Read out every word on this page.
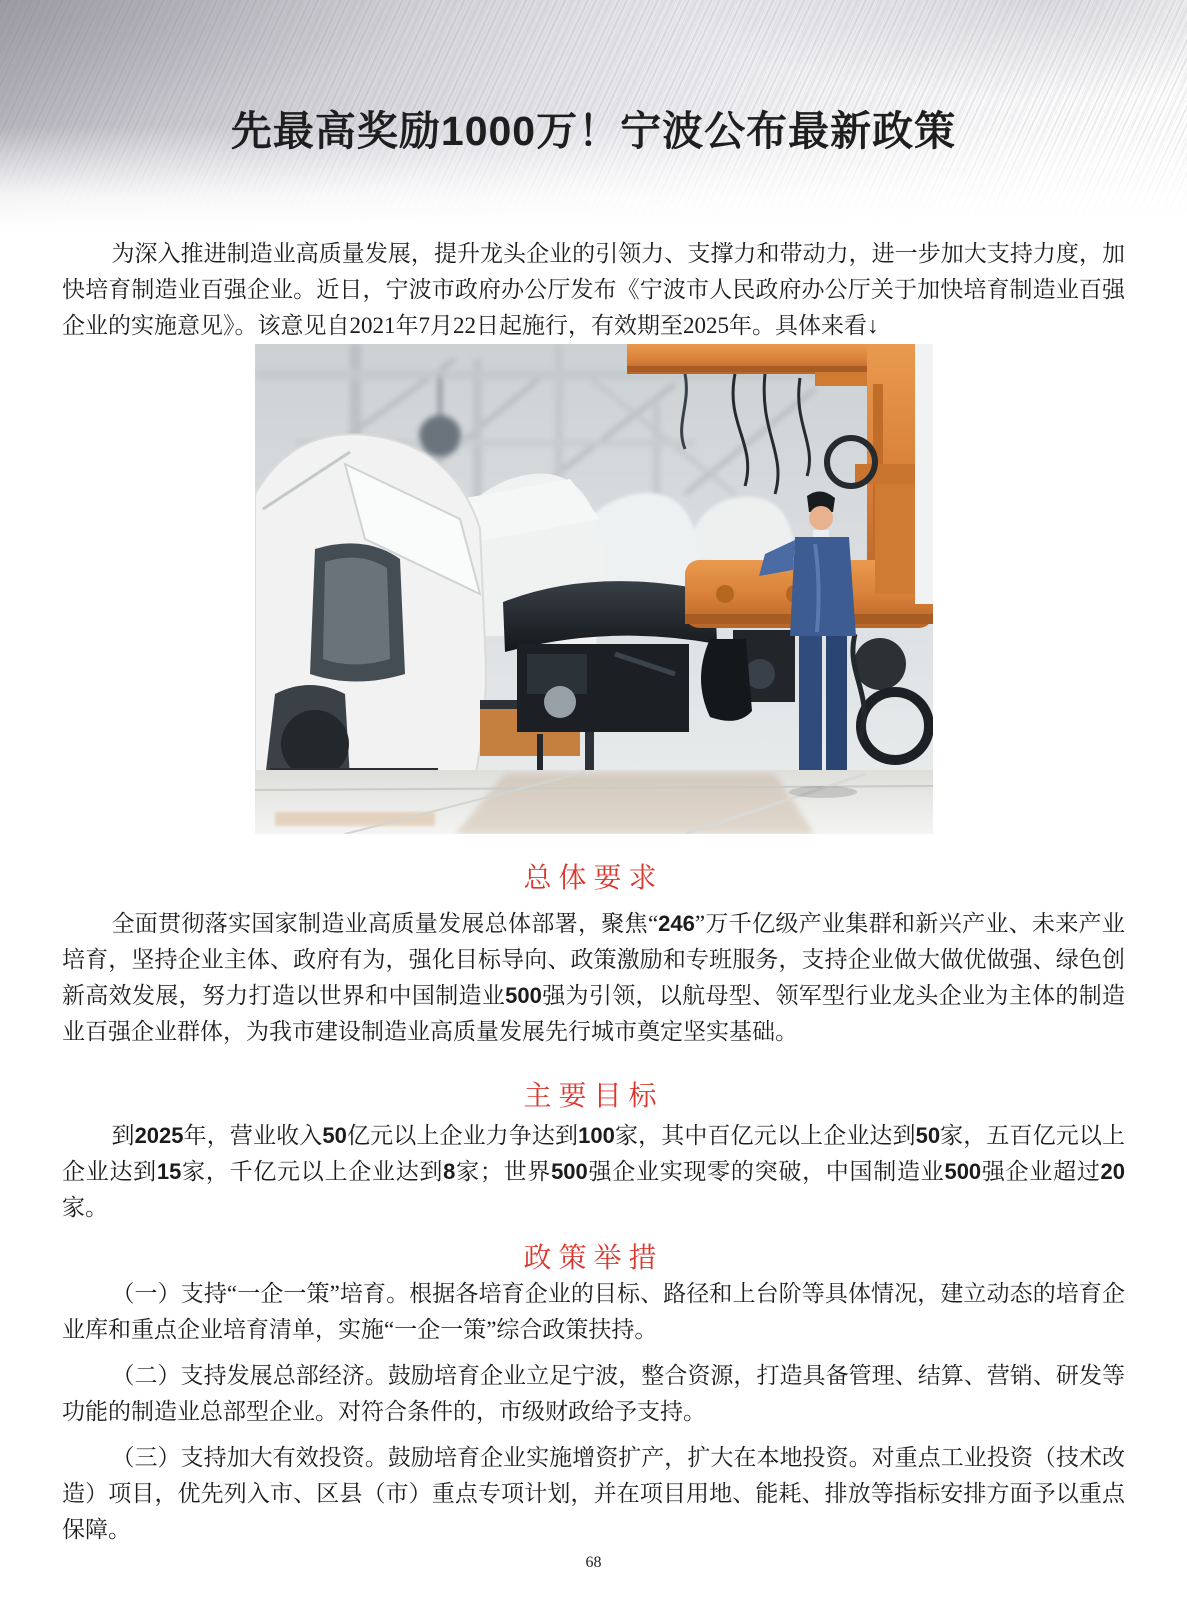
先最高奖励1000万！宁波公布最新政策

为深入推进制造业高质量发展，提升龙头企业的引领力、支撑力和带动力，进一步加大支持力度，加快培育制造业百强企业。近日，宁波市政府办公厅发布《宁波市人民政府办公厅关于加快培育制造业百强企业的实施意见》。该意见自2021年7月22日起施行，有效期至2025年。具体来看↓

总体要求

全面贯彻落实国家制造业高质量发展总体部署，聚焦“246”万千亿级产业集群和新兴产业、未来产业培育，坚持企业主体、政府有为，强化目标导向、政策激励和专班服务，支持企业做大做优做强、绿色创新高效发展，努力打造以世界和中国制造业500强为引领，以航母型、领军型行业龙头企业为主体的制造业百强企业群体，为我市建设制造业高质量发展先行城市奠定坚实基础。

主要目标

到2025年，营业收入50亿元以上企业力争达到100家，其中百亿元以上企业达到50家，五百亿元以上企业达到15家，千亿元以上企业达到8家；世界500强企业实现零的突破，中国制造业500强企业超过20家。

政策举措

（一）支持“一企一策”培育。根据各培育企业的目标、路径和上台阶等具体情况，建立动态的培育企业库和重点企业培育清单，实施“一企一策”综合政策扶持。

（二）支持发展总部经济。鼓励培育企业立足宁波，整合资源，打造具备管理、结算、营销、研发等功能的制造业总部型企业。对符合条件的，市级财政给予支持。

（三）支持加大有效投资。鼓励培育企业实施增资扩产，扩大在本地投资。对重点工业投资（技术改造）项目，优先列入市、区县（市）重点专项计划，并在项目用地、能耗、排放等指标安排方面予以重点保障。

68
